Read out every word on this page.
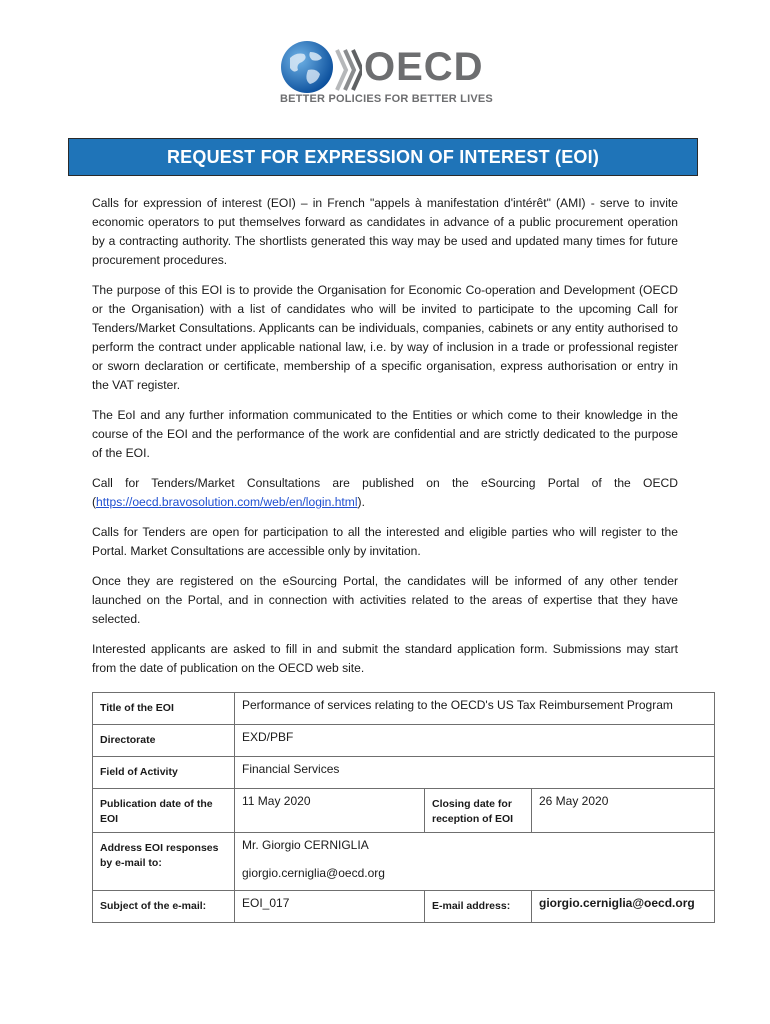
OECD
BETTER POLICIES FOR BETTER LIVES
REQUEST FOR EXPRESSION OF INTEREST (EOI)

Calls for expression of interest (EOI) – in French "appels à manifestation d'intérêt" (AMI) - serve to invite economic operators to put themselves forward as candidates in advance of a public procurement operation by a contracting authority. The shortlists generated this way may be used and updated many times for future procurement procedures.

The purpose of this EOI is to provide the Organisation for Economic Co-operation and Development (OECD or the Organisation) with a list of candidates who will be invited to participate to the upcoming Call for Tenders/Market Consultations. Applicants can be individuals, companies, cabinets or any entity authorised to perform the contract under applicable national law, i.e. by way of inclusion in a trade or professional register or sworn declaration or certificate, membership of a specific organisation, express authorisation or entry in the VAT register.

The EoI and any further information communicated to the Entities or which come to their knowledge in the course of the EOI and the performance of the work are confidential and are strictly dedicated to the purpose of the EOI.

Call for Tenders/Market Consultations are published on the eSourcing Portal of the OECD (https://oecd.bravosolution.com/web/en/login.html).

Calls for Tenders are open for participation to all the interested and eligible parties who will register to the Portal. Market Consultations are accessible only by invitation.

Once they are registered on the eSourcing Portal, the candidates will be informed of any other tender launched on the Portal, and in connection with activities related to the areas of expertise that they have selected.

Interested applicants are asked to fill in and submit the standard application form. Submissions may start from the date of publication on the OECD web site.

Title of the EOI	Performance of services relating to the OECD's US Tax Reimbursement Program		
Directorate	EXD/PBF		
Field of Activity	Financial Services		
Publication date of the EOI	11 May 2020	Closing date for reception of EOI	26 May 2020
Address EOI responses by e-mail to:	Mr. Giorgio CERNIGLIA
giorgio.cerniglia@oecd.org		

Subject of the e-mail:	EOI_017	E-mail address:	giorgio.cerniglia@oecd.org
